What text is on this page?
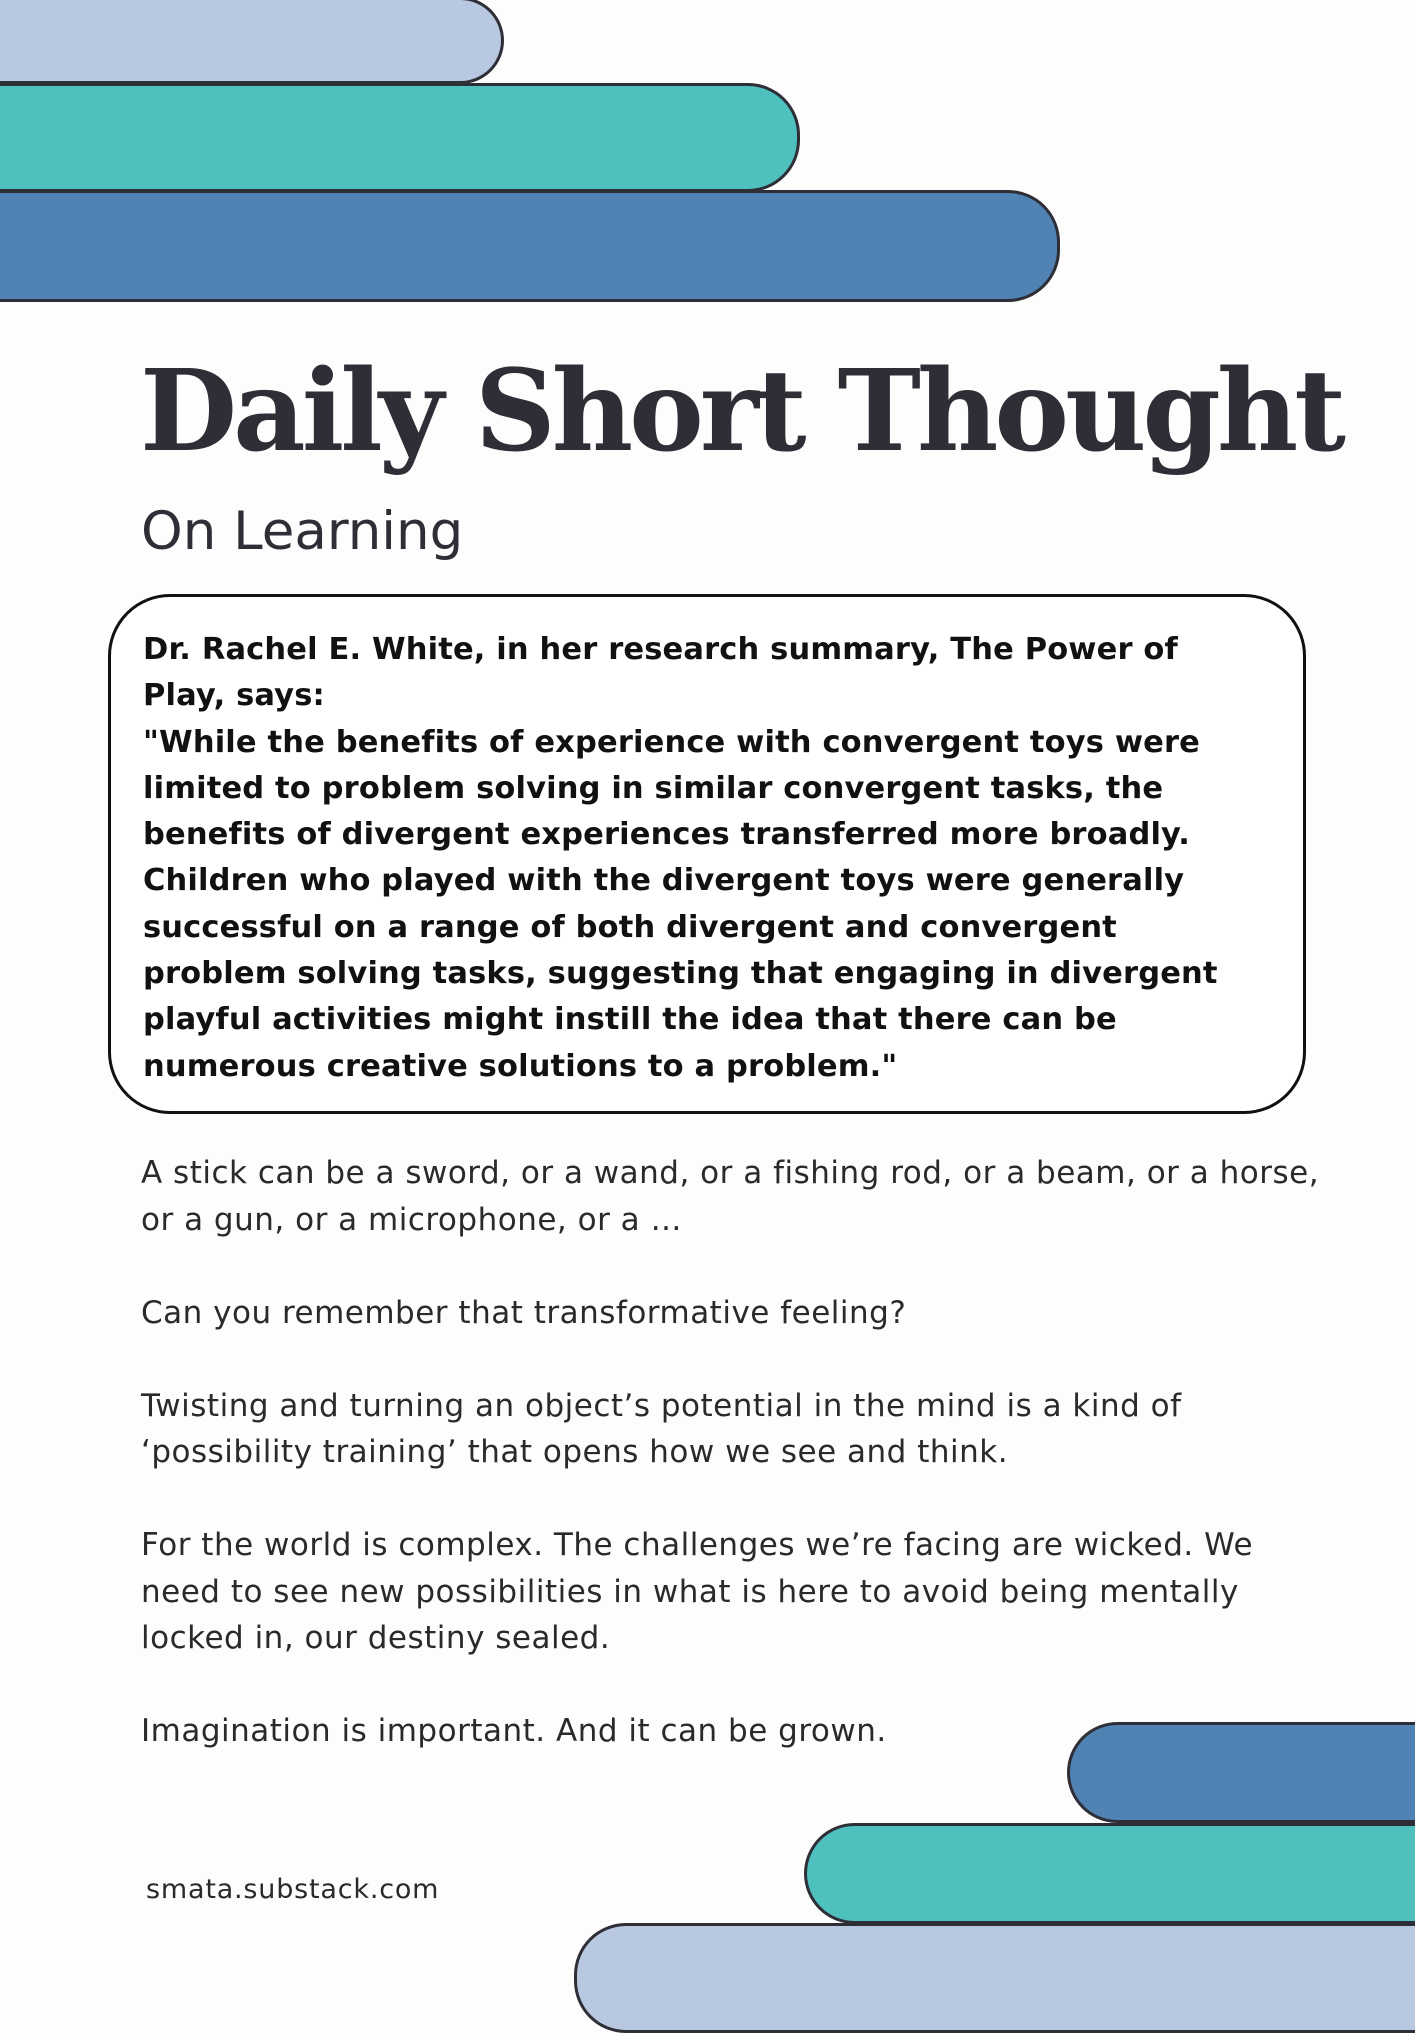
Daily Short Thought
On Learning

Dr. Rachel E. White, in her research summary, The Power of Play, says:

"While the benefits of experience with convergent toys were limited to problem solving in similar convergent tasks, the benefits of divergent experiences transferred more broadly. Children who played with the divergent toys were generally successful on a range of both divergent and convergent problem solving tasks, suggesting that engaging in divergent playful activities might instill the idea that there can be numerous creative solutions to a problem."

A stick can be a sword, or a wand, or a fishing rod, or a beam, or a horse, or a gun, or a microphone, or a …

Can you remember that transformative feeling?

Twisting and turning an object’s potential in the mind is a kind of ‘possibility training’ that opens how we see and think.

For the world is complex. The challenges we’re facing are wicked. We need to see new possibilities in what is here to avoid being mentally locked in, our destiny sealed.

Imagination is important. And it can be grown.

smata.substack.com
